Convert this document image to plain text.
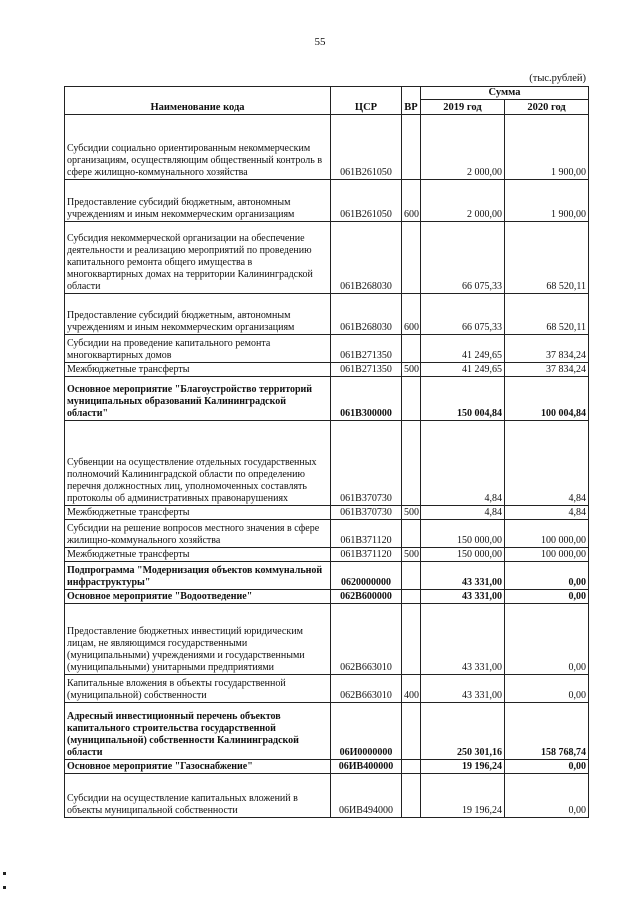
55
(тыс.рублей)
Наименование кода	ЦСР	ВР	Сумма	
			2019 год	2020 год
Субсидии социально ориентированным некоммерческим организациям, осуществляющим общественный контроль в сфере жилищно-коммунального хозяйства	061B261050		2 000,00	1 900,00
Предоставление субсидий бюджетным, автономным учреждениям и иным некоммерческим организациям	061B261050	600	2 000,00	1 900,00
Субсидия некоммерческой организации на обеспечение деятельности и реализацию мероприятий по проведению капитального ремонта общего имущества в многоквартирных домах на территории Калининградской области	061B268030		66 075,33	68 520,11
Предоставление субсидий бюджетным, автономным учреждениям и иным некоммерческим организациям	061B268030	600	66 075,33	68 520,11
Субсидии на проведение капитального ремонта многоквартирных домов	061B271350		41 249,65	37 834,24
Межбюджетные трансферты	061B271350	500	41 249,65	37 834,24
Основное мероприятие "Благоустройство территорий муниципальных образований Калининградской области"	061B300000		150 004,84	100 004,84
Субвенции на осуществление отдельных государственных полномочий Калининградской области по определению перечня должностных лиц, уполномоченных составлять протоколы об административных правонарушениях	061B370730		4,84	4,84
Межбюджетные трансферты	061B370730	500	4,84	4,84
Субсидии на решение вопросов местного значения в сфере жилищно-коммунального хозяйства	061B371120		150 000,00	100 000,00
Межбюджетные трансферты	061B371120	500	150 000,00	100 000,00
Подпрограмма "Модернизация объектов коммунальной инфраструктуры"	0620000000		43 331,00	0,00
Основное мероприятие "Водоотведение"	062B600000		43 331,00	0,00
Предоставление бюджетных инвестиций юридическим лицам, не являющимся государственными (муниципальными) учреждениями и государственными (муниципальными) унитарными предприятиями	062B663010		43 331,00	0,00
Капитальные вложения в объекты государственной (муниципальной) собственности	062B663010	400	43 331,00	0,00
Адресный инвестиционный перечень объектов капитального строительства государственной (муниципальной) собственности Калининградской области	06И0000000		250 301,16	158 768,74
Основное мероприятие "Газоснабжение"	06ИВ400000		19 196,24	0,00
Субсидии на осуществление капитальных вложений в объекты муниципальной собственности	06ИВ494000		19 196,24	0,00
